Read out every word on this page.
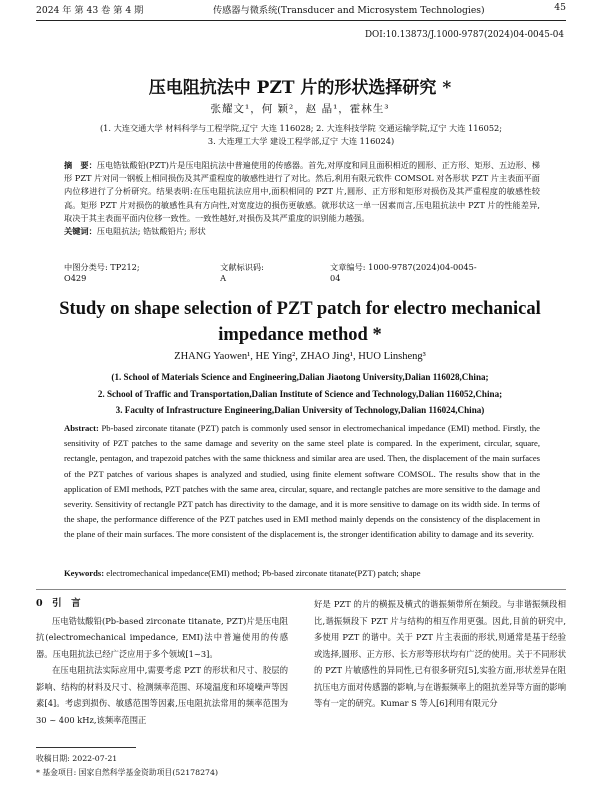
2024 年 第 43 卷 第 4 期	传感器与微系统(Transducer and Microsystem Technologies)	45
DOI:10.13873/J.1000-9787(2024)04-0045-04
压电阻抗法中 PZT 片的形状选择研究 *
张耀文¹，何 颖²，赵 晶¹，霍林生³
(1. 大连交通大学 材料科学与工程学院,辽宁 大连 116028; 2. 大连科技学院 交通运输学院,辽宁 大连 116052;
3. 大连理工大学 建设工程学部,辽宁 大连 116024)
摘　要：压电锆钛酸铅(PZT)片是压电阻抗法中普遍使用的传感器。首先,对厚度和同且面积相近的圆形、正方形、矩形、五边形、梯形 PZT 片对同一钢板上相同损伤及其严重程度的敏感性进行了对比。然后,利用有限元软件 COMSOL 对各形状 PZT 片主表面平面内位移进行了分析研究。结果表明:在压电阻抗法应用中,面积相同的 PZT 片,圆形、正方形和矩形对损伤及其严重程度的敏感性较高。矩形 PZT 片对损伤的敏感性具有方向性,对宽度边的损伤更敏感。就形状这一单一因素而言,压电阻抗法中 PZT 片的性能差异,取决于其主表面平面内位移一致性。一致性越好,对损伤及其严重度的识别能力越强。
关键词：压电阻抗法; 锆钛酸铅片; 形状
中图分类号: TP212; O429
文献标识码: A
文章编号: 1000-9787(2024)04-0045-04
Study on shape selection of PZT patch for electro mechanical impedance method *
ZHANG Yaowen¹, HE Ying², ZHAO Jing¹, HUO Linsheng³
(1. School of Materials Science and Engineering,Dalian Jiaotong University,Dalian 116028,China;
2. School of Traffic and Transportation,Dalian Institute of Science and Technology,Dalian 116052,China;
3. Faculty of Infrastructure Engineering,Dalian University of Technology,Dalian 116024,China)
Abstract: Pb-based zirconate titanate (PZT) patch is commonly used sensor in electromechanical impedance (EMI) method. Firstly, the sensitivity of PZT patches to the same damage and severity on the same steel plate is compared. In the experiment, circular, square, rectangle, pentagon, and trapezoid patches with the same thickness and similar area are used. Then, the displacement of the main surfaces of the PZT patches of various shapes is analyzed and studied, using finite element software COMSOL. The results show that in the application of EMI methods, PZT patches with the same area, circular, square, and rectangle patches are more sensitive to the damage and severity. Sensitivity of rectangle PZT patch has directivity to the damage, and it is more sensitive to damage on its width side. In terms of the shape, the performance difference of the PZT patches used in EMI method mainly depends on the consistency of the displacement in the plane of their main surfaces. The more consistent of the displacement is, the stronger identification ability to damage and its severity.
Keywords: electromechanical impedance(EMI) method; Pb-based zirconate titanate(PZT) patch; shape
0　引　言
压电锆钛酸铅(Pb-based zirconate titanate, PZT)片是压电阻抗(electromechanical impedance, EMI)法中普遍使用的传感器。压电阻抗法已经广泛应用于多个领域[1~3]。
在压电阻抗法实际应用中,需要考虑 PZT 的形状和尺寸、胶层的影响、结构的材料及尺寸、检测频率范围、环境温度和环境噪声等因素[4]。考虑到损伤、敏感范围等因素,压电阻抗法常用的频率范围为 30 ~ 400 kHz,该频率范围正
好是 PZT 的片的横振及横式的谐振频带所在频段。与非谐振频段相比,谐振频段下 PZT 片与结构的相互作用更强。因此,目前的研究中,多使用 PZT 的谐中。关于 PZT 片主表面的形状,则通常是基于经验或选择,圆形、正方形、长方形等形状均有广泛的使用。关于不同形状的 PZT 片敏感性的异同性,已有很多研究[5],实验方面,形状差异在阻抗压电方面对传感器的影响,与在谐振频率上的阻抗差异等方面的影响等有一定的研究。Kumar S 等人[6]利用有限元分
收稿日期: 2022-07-21
* 基金项目: 国家自然科学基金资助项目(52178274)
